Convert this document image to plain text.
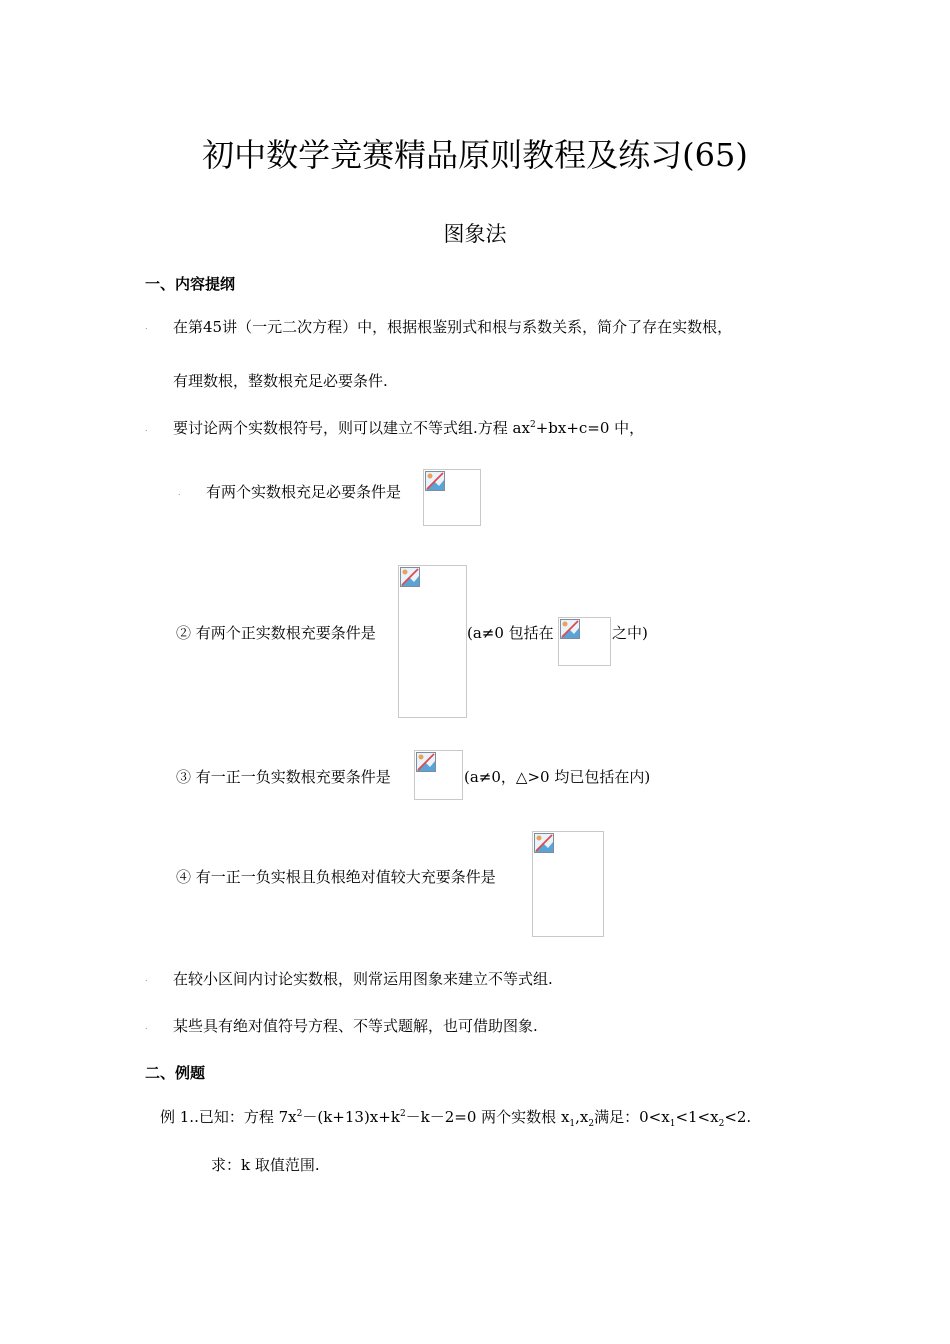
初中数学竞赛精品原则教程及练习(65)
图象法
一、内容提纲
. 在第45讲（一元二次方程）中，根据根鉴别式和根与系数关系，简介了存在实数根，
有理数根，整数根充足必要条件.
. 要讨论两个实数根符号，则可以建立不等式组.方程 $ax^2+bx+c=0$ 中，
. 有两个实数根充足必要条件是
② 有两个正实数根充要条件是	(a≠0 包括在	之中)
③ 有一正一负实数根充要条件是	(a≠0，△>0 均已包括在内)
④ 有一正一负实根且负根绝对值较大充要条件是
. 在较小区间内讨论实数根，则常运用图象来建立不等式组.
. 某些具有绝对值符号方程、不等式题解，也可借助图象.
二、例题
例 1..已知：方程 $7x^2-(k+13)x+k^2-k-2=0$ 两个实数根 $x_1,x_2$满足：$0<x_1<1<x_2<2$.
求：k 取值范围.
